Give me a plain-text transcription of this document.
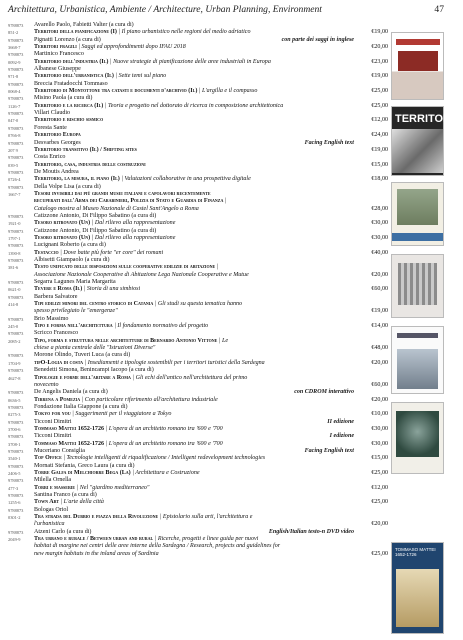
Architettura, Urbanistica, Ambiente / Architecture, Urban Planning, Environment	47
9788873 Avarello Paolo, Fabietti Valter (a cura di)
851-2	Territori della pianificazione (I) | Il piano urbanistico nelle regioni del medio adriatico	€19,00
9788873 Pignatti Lorenzo (a cura di)	con parte dei saggi in inglese
3668-7 Territori fragili | Saggi ed approfondimenti dopo IFAU 2018	€20,00
9788873 Martinico Francesco
0092-9 Territorio dell'industria (Il) | Nuove strategie di pianificazione delle aree industriali in Europa	€23,00
9788873 Albanese Giuseppe
971-8	Territorio dell'urbanistica (Il) | Sette temi sul piano	€19,00
9788873 Breccia Fratadocchi Tommaso
0068-4 Territorio di Montottone tra catasti e documenti d'archivio (Il) | L'argilla e il compasso	€25,00
9788873 Misino Paola (a cura di)
1126-7 Territorio e la ricerca (Il) | Teoria e progetto nel dottorato di ricerca in composizione architettonica	€25,00
9788873 Villari Claudio
047-0	Territorio e rischio sismico	€12,00
9788873 Foresta Sante
0766-8 Territorio Europa	€24,00
9788873 Desvarbes Georges	Facing English text
207 9	Territorio transitivo (Il) / Shifting sites	€19,00
9788873 Costa Enrico
039-5	Territorio, casa, industria delle costruzioni	€15,00
9788873 De Moutis Andrea
0726-4 Territorio, la misura, il piano (Il) | Valutazioni collaborative in una prospettiva digitale	€18,00
9788873 Della Volpe Lisa (a cura di)
1667-7 Tesori invisibili dai più grandi musei italiani e capolavori recentemente
recuperati dall'Arma dei Carabinieri, Polizia di Stato e Guardia di Finanza |
Catalogo mostra al Museo Nazionale di Castel Sant'Angelo a Roma	€28,00
9788873 Catizzone Antonio, Di Filippo Sabatino (a cura di)
1921-0 Tesoro ritrovato (Un) | Dal rilievo alla rappresentazione	€30,00
9788873 Catizzone Antonio, Di Filippo Sabatino (a cura di)
1797-1 Tesoro ritrovato (Un) | Dal rilievo alla rappresentazione	€30,00
9788873 Lucignani Roberto (a cura di)
1390-8 Testaccio | Dove batte più forte "er core" dei romani	€40,00
9788873 Albisetti Giampaolo (a cura di)
381-6	Testo unificato delle disposizioni sulle cooperative edilizie di abitazione |
Associazione Nazionale Cooperative di Abitazione Lega Nazionale Cooperative e Mutue	€20,00
9788873 Segarra Lagunes Maria Margarita
0621-0 Tevere e Roma (Il) | Storia di una simbiosi	€60,00
9788873 Barbera Salvatore
414-8	Tipi edilizi minori del centro storico di Catania | Gli studi su questa tematica hanno
spesso privilegiato le "emergenze"	€19,00
9788873 Brio Massimo
245-0	Tipo e forma nell'architettura | Il fondamento normativo del progetto	€14,00
9788873 Scricco Francesco
2085-2 Tipo, forma e struttura nelle architetture di Bernardo Antonio Vittone | Le
chiese a pianta centrale delle "Istruzioni Diverse"	€48,00
9788873 Morone Olindo, Tuveri Luca (a cura di)
1704-9 tipO-Logia di costa | Insediamenti e tipologie sostenibili per i territori turistici della Sardegna	€20,00
9788873 Benedetti Simona, Benincampi Iacopo (a cura di)
4627-8 Tipologie e forme dell'abitare a Roma | Gli echi dell'antico nell'architettura del primo
novecento	€60,00
9788873 De Angelis Daniela (a cura di)	con CDROM interattivo
0636-5 Tirrena a Pomezia | Con particolare riferimento all'architettura industriale	€20,00
9788873 Fondazione Italia Giappone (a cura di)
0275-3 Tokyo for you | Suggerimenti per il viaggiatore a Tokyo	€10,00
9788873 Ticconi Dimitri	II edizione
3700-6 Tommaso Mattei 1652-1726 | L'opera di un architetto romano tra '600 e '700	€30,00
9788873 Ticconi Dimitri	I edizione
3708-1 Tommaso Mattei 1652-1726 | L'opera di un architetto romano tra '600 e '700	€30,00
9788873 Muceriano Consiglia	Facing English text
3540-1 Top Office | Tecnologie intelligenti di riqualificazione / Intelligent redevelopment technologies	€15,00
9788873 Mornati Stefania, Greco Laura (a cura di)
2406-5 Torre Galfa di Melchiorre Bega (La) | Architettura e Costruzione	€25,00
9788873 Milella Ornella
477-3	Torri e masserie | Nel "giardino mediterraneo"	€12,00
9788873 Santina Franco (a cura di)
1255-6 Town Art | L'arte della città	€25,00
9788873 Bologas Oriol
0301-2 Tra strada del Dubbio e piazza della Rivoluzione | Epistolario sulla arti, l'architettura e
l'urbanistica	€20,00
9788873 Atzeni Carlo (a cura di)	English/Italian testo-n DVD video
2049-9 Tra urbano e rurale / Between urban and rural | Ricerche, progetti e linee guida per nuovi
habitat di margine nei centri delle aree interne della Sardegna / Research, projects and guidelines for
new margin habitats in the inland areas of Sardinia	€25,00
TERRITORIO
TOMMASO MATTEI 1652-1726
